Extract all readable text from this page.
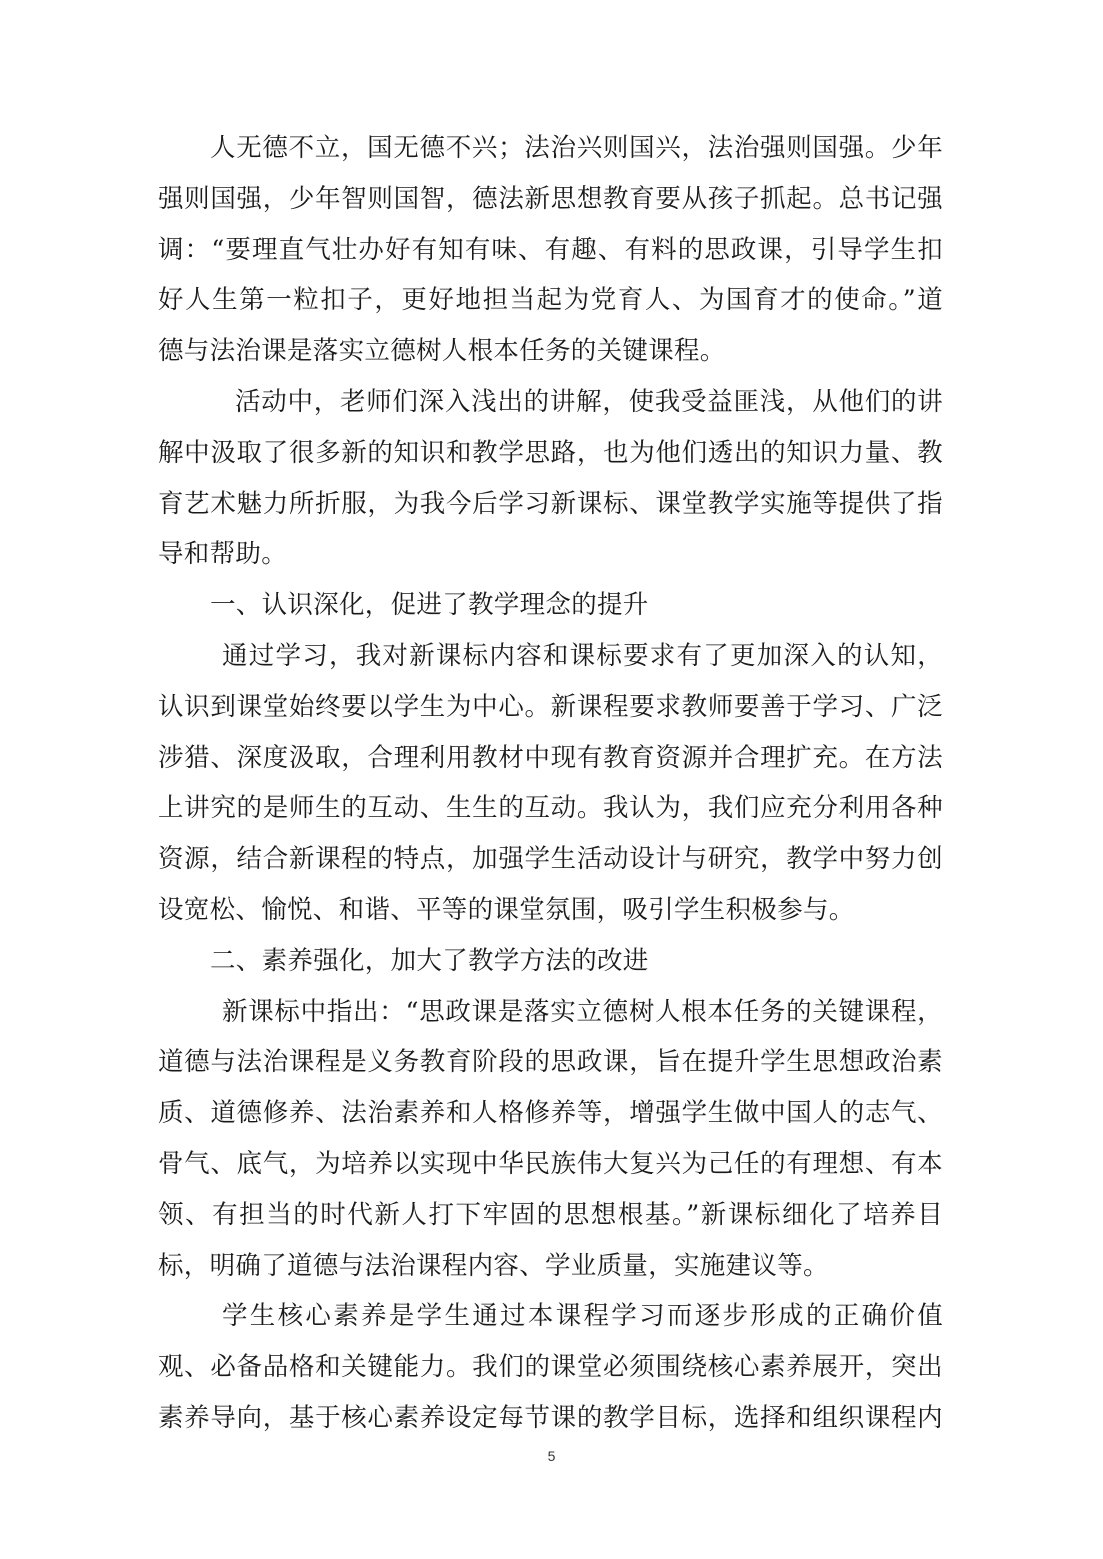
人无德不立，国无德不兴；法治兴则国兴，法治强则国强。少年
强则国强，少年智则国智，德法新思想教育要从孩子抓起。总书记强
调：“要理直气壮办好有知有味、有趣、有料的思政课，引导学生扣
好人生第一粒扣子，更好地担当起为党育人、为国育才的使命。”道
德与法治课是落实立德树人根本任务的关键课程。

活动中，老师们深入浅出的讲解，使我受益匪浅，从他们的讲
解中汲取了很多新的知识和教学思路，也为他们透出的知识力量、教
育艺术魅力所折服，为我今后学习新课标、课堂教学实施等提供了指
导和帮助。

一、认识深化，促进了教学理念的提升

通过学习，我对新课标内容和课标要求有了更加深入的认知，
认识到课堂始终要以学生为中心。新课程要求教师要善于学习、广泛
涉猎、深度汲取，合理利用教材中现有教育资源并合理扩充。在方法
上讲究的是师生的互动、生生的互动。我认为，我们应充分利用各种
资源，结合新课程的特点，加强学生活动设计与研究，教学中努力创
设宽松、愉悦、和谐、平等的课堂氛围，吸引学生积极参与。

二、素养强化，加大了教学方法的改进

新课标中指出：“思政课是落实立德树人根本任务的关键课程，
道德与法治课程是义务教育阶段的思政课，旨在提升学生思想政治素
质、道德修养、法治素养和人格修养等，增强学生做中国人的志气、
骨气、底气，为培养以实现中华民族伟大复兴为己任的有理想、有本
领、有担当的时代新人打下牢固的思想根基。”新课标细化了培养目
标，明确了道德与法治课程内容、学业质量，实施建议等。

学生核心素养是学生通过本课程学习而逐步形成的正确价值
观、必备品格和关键能力。我们的课堂必须围绕核心素养展开，突出
素养导向，基于核心素养设定每节课的教学目标，选择和组织课程内

5
